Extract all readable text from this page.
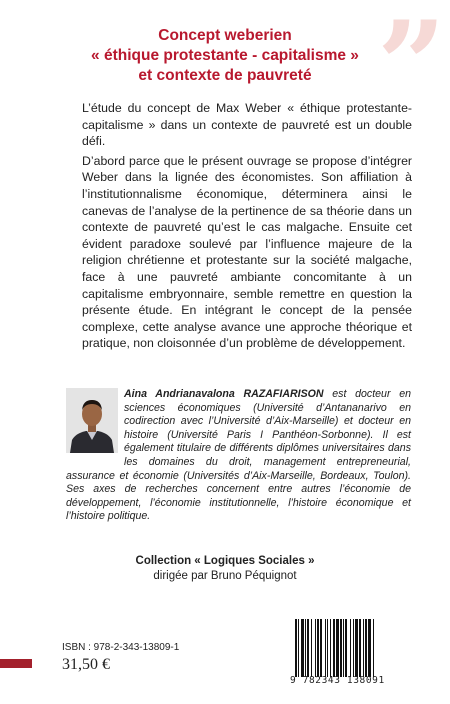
”
Concept weberien
« éthique protestante - capitalisme »
et contexte de pauvreté

L’étude du concept de Max Weber « éthique protestante-capitalisme » dans un contexte de pauvreté est un double défi.

D’abord parce que le présent ouvrage se propose d’intégrer Weber dans la lignée des économistes. Son affiliation à l’institutionnalisme économique, déterminera ainsi le canevas de l’analyse de la pertinence de sa théorie dans un contexte de pauvreté qu’est le cas malgache. Ensuite cet évident paradoxe soulevé par l’influence majeure de la religion chrétienne et protestante sur la société malgache, face à une pauvreté ambiante concomitante à un capitalisme embryonnaire, semble remettre en question la présente étude. En intégrant le concept de la pensée complexe, cette analyse avance une approche théorique et pratique, non cloisonnée d’un problème de développement.

Aina Andrianavalona RAZAFIARISON est docteur en sciences économiques (Université d’Antananarivo en codirection avec l’Université d’Aix-Marseille) et docteur en histoire (Université Paris I Panthéon-Sorbonne). Il est également titulaire de différents diplômes universitaires dans les domaines du droit, management entrepreneurial, assurance et économie (Universités d’Aix-Marseille, Bordeaux, Toulon). Ses axes de recherches concernent entre autres l’économie de développement, l’économie institutionnelle, l’histoire économique et l’histoire politique.
Collection « Logiques Sociales »
dirigée par Bruno Péquignot
ISBN : 978-2-343-13809-1
31,50 €
9 782343 138091
